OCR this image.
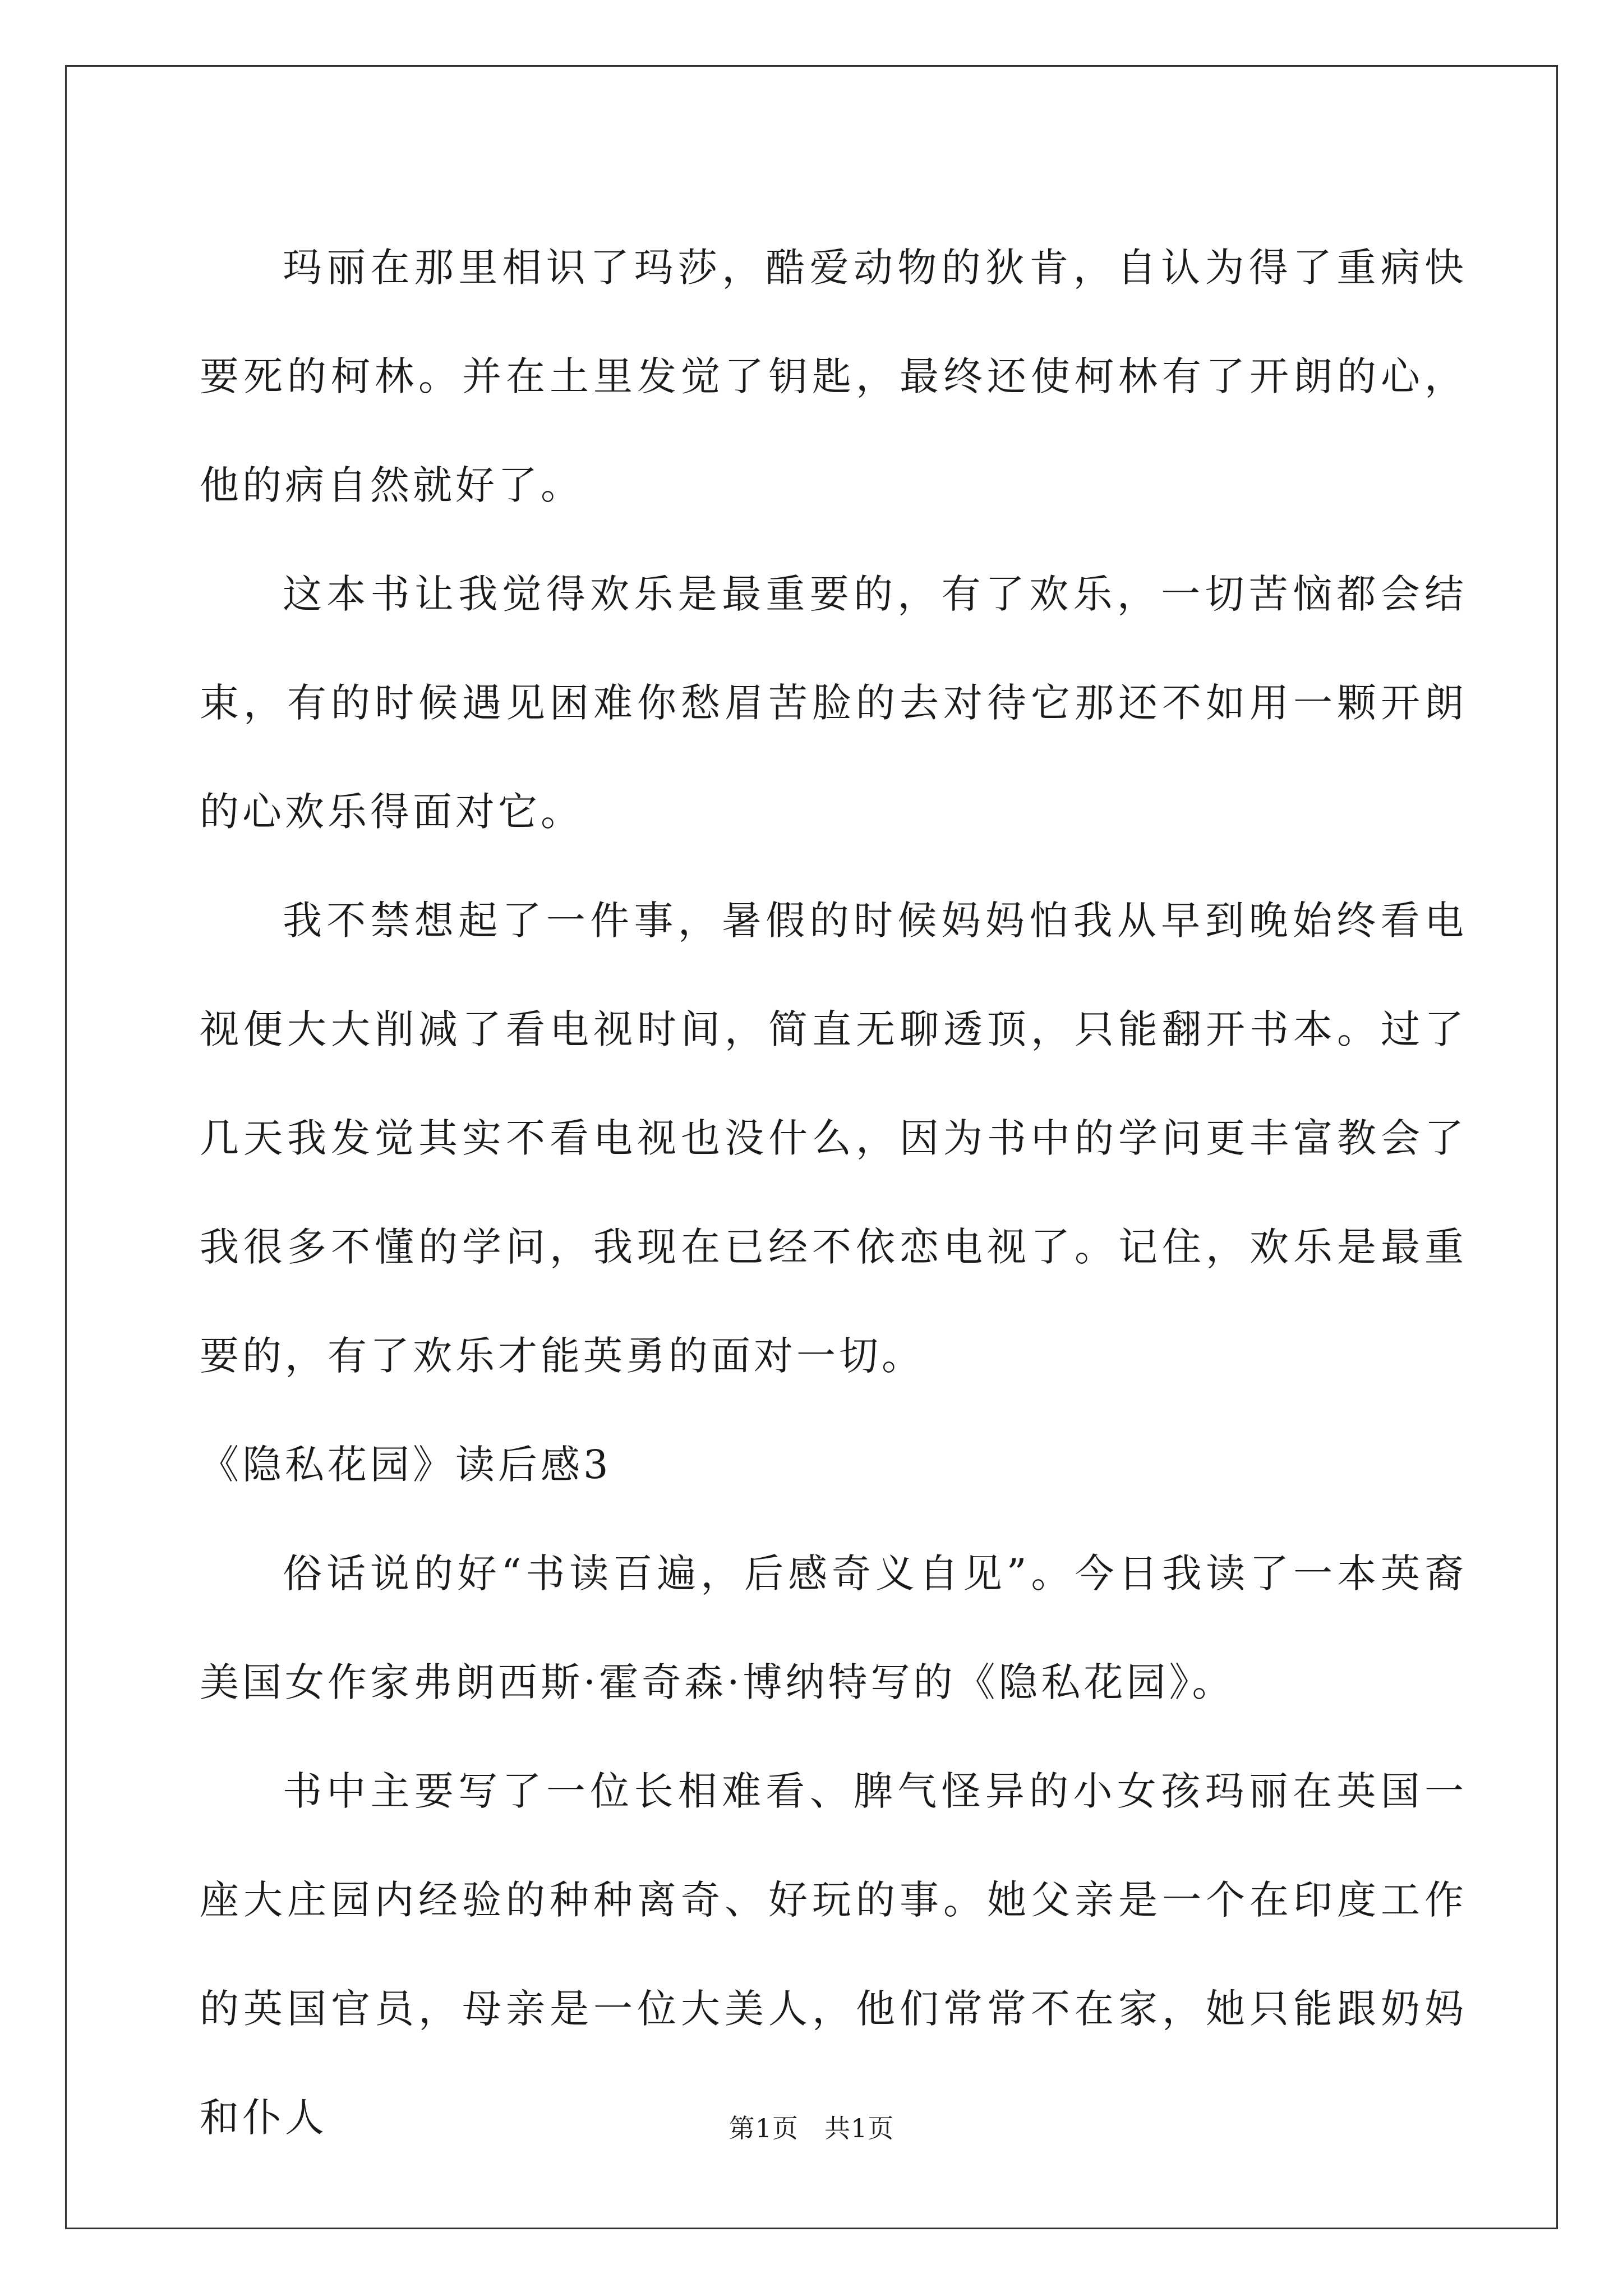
玛丽在那里相识了玛莎，酷爱动物的狄肯，自认为得了重病快要死的柯林。并在土里发觉了钥匙，最终还使柯林有了开朗的心，他的病自然就好了。

这本书让我觉得欢乐是最重要的，有了欢乐，一切苦恼都会结束，有的时候遇见困难你愁眉苦脸的去对待它那还不如用一颗开朗的心欢乐得面对它。

我不禁想起了一件事，暑假的时候妈妈怕我从早到晚始终看电视便大大削减了看电视时间，简直无聊透顶，只能翻开书本。过了几天我发觉其实不看电视也没什么，因为书中的学问更丰富教会了我很多不懂的学问，我现在已经不依恋电视了。记住，欢乐是最重要的，有了欢乐才能英勇的面对一切。

《隐私花园》读后感3

俗话说的好“书读百遍，后感奇义自见”。今日我读了一本英裔美国女作家弗朗西斯·霍奇森·博纳特写的《隐私花园》。

书中主要写了一位长相难看、脾气怪异的小女孩玛丽在英国一座大庄园内经验的种种离奇、好玩的事。她父亲是一个在印度工作的英国官员，母亲是一位大美人，他们常常不在家，她只能跟奶妈和仆人	第1页 共1页
